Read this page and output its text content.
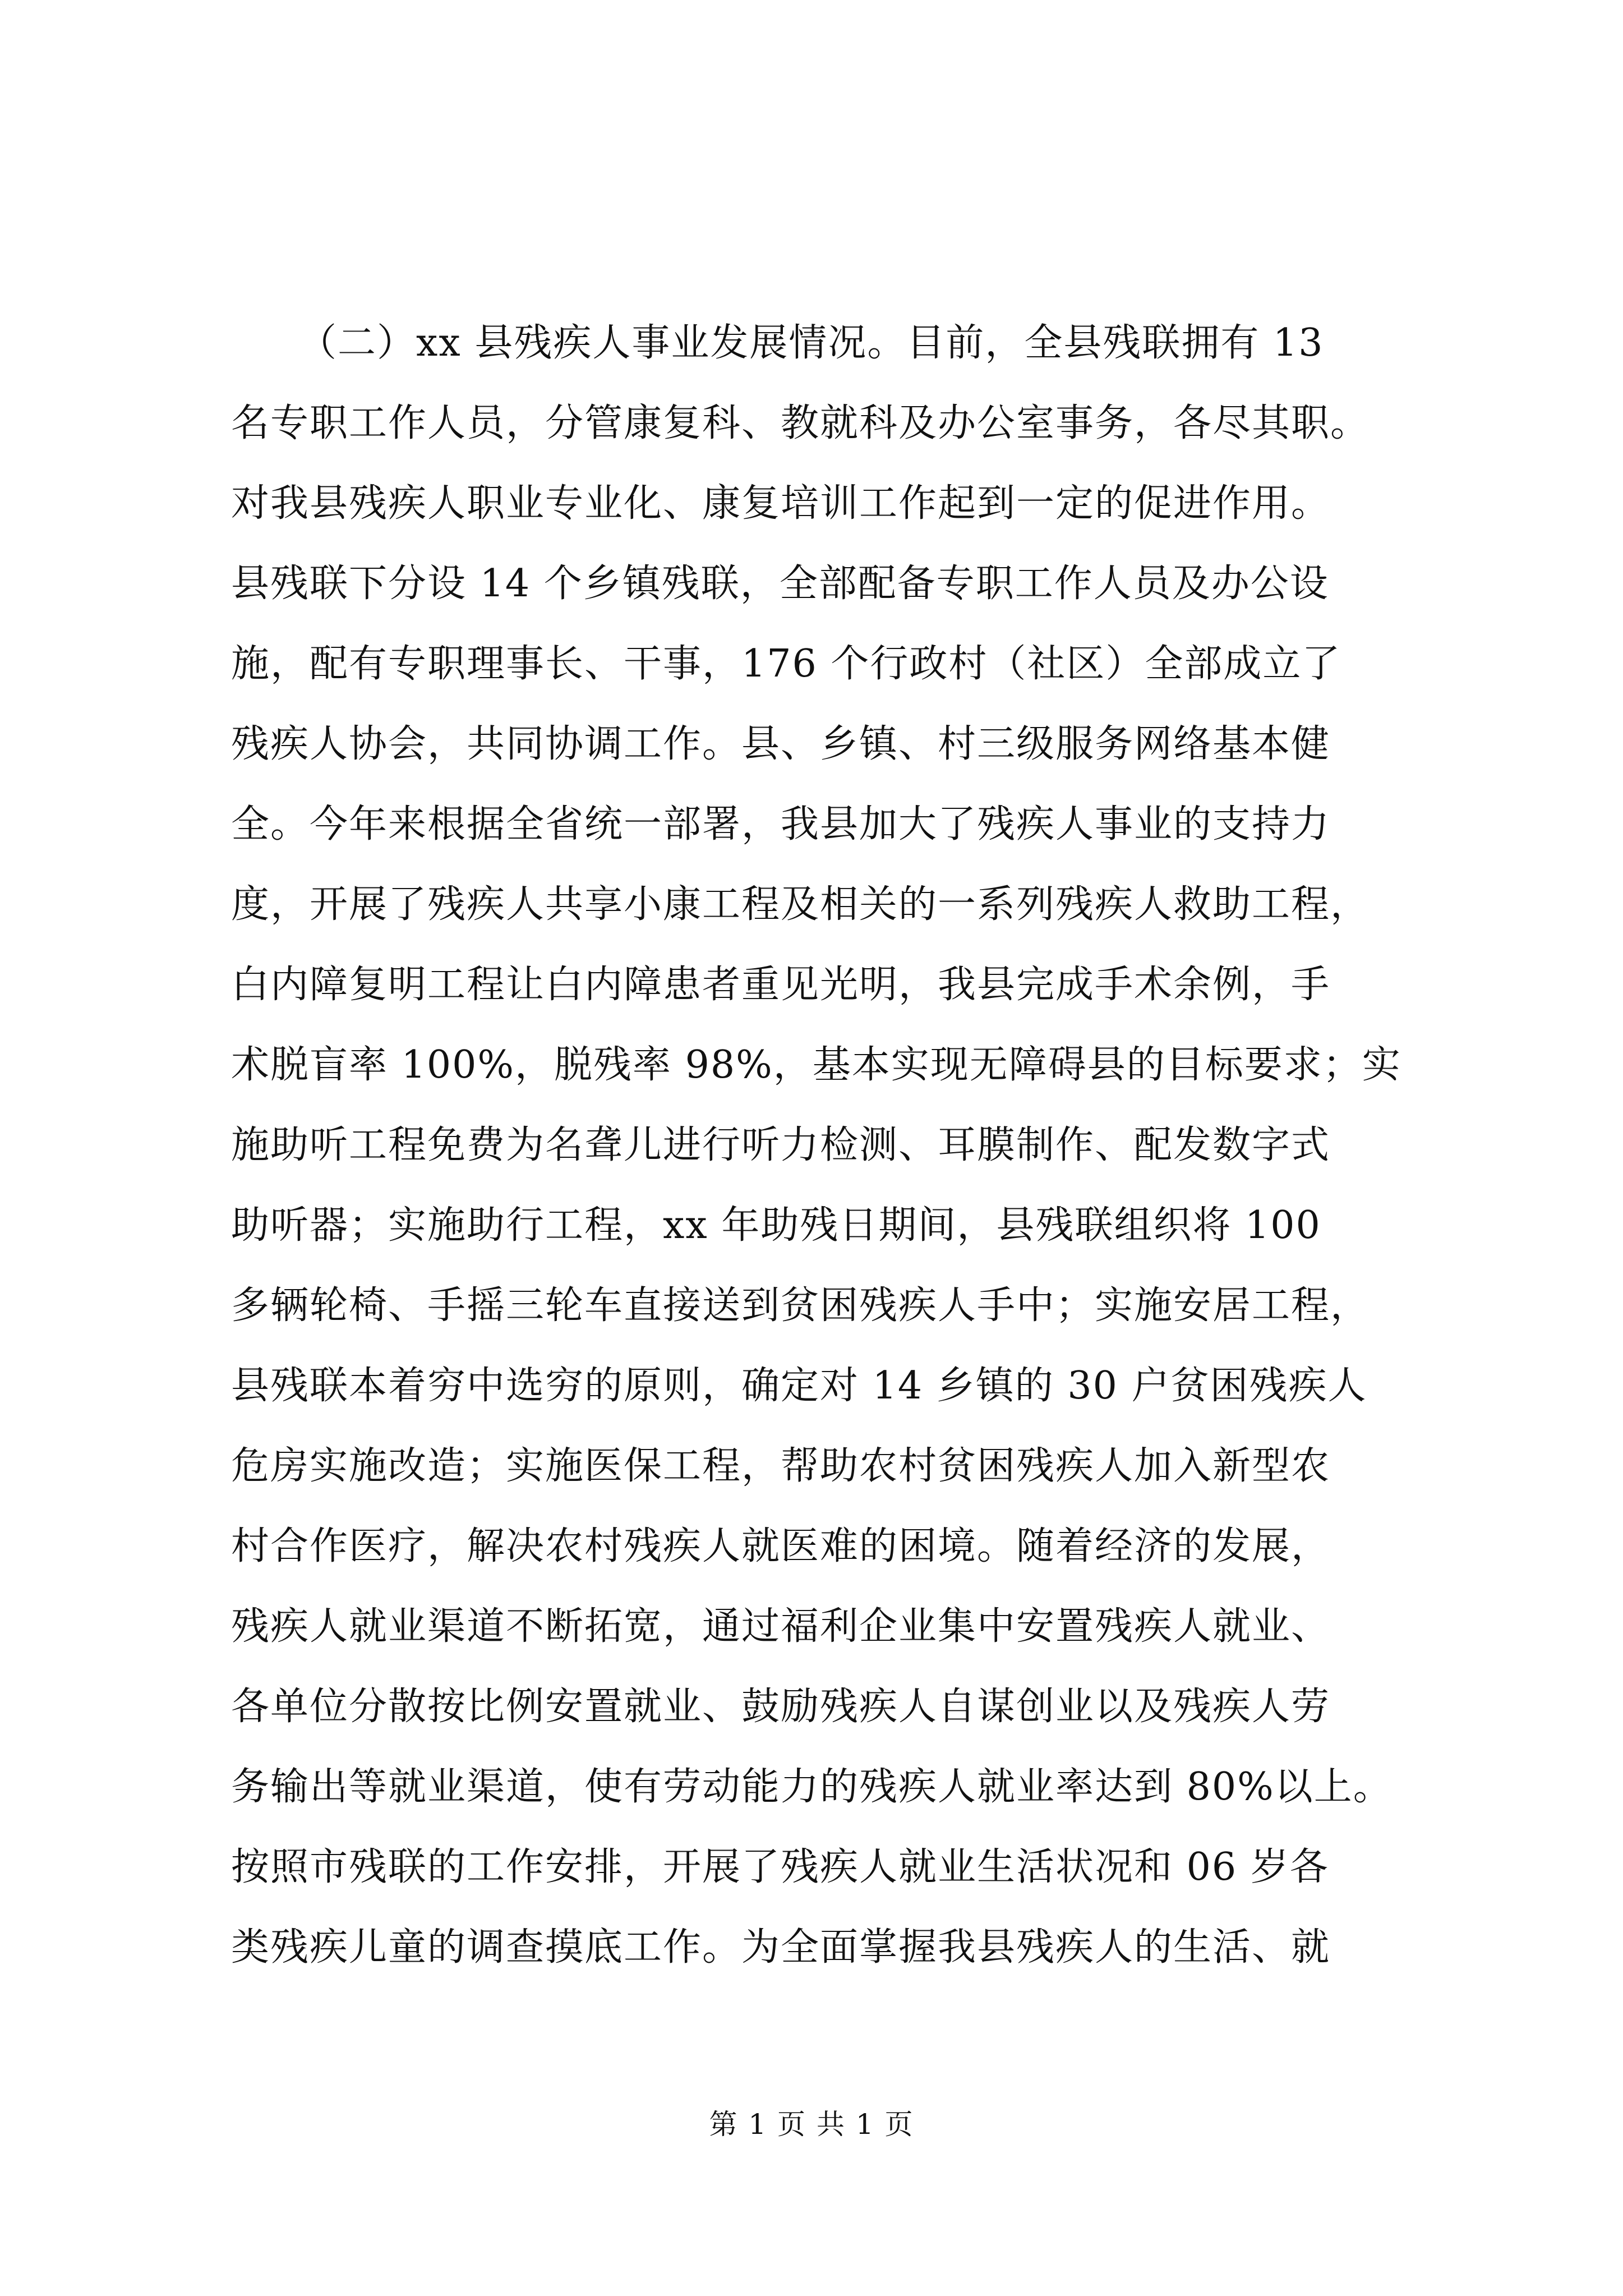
（二）xx 县残疾人事业发展情况。目前，全县残联拥有 13
名专职工作人员，分管康复科、教就科及办公室事务，各尽其职。
对我县残疾人职业专业化、康复培训工作起到一定的促进作用。
县残联下分设 14 个乡镇残联，全部配备专职工作人员及办公设
施，配有专职理事长、干事，176 个行政村（社区）全部成立了
残疾人协会，共同协调工作。县、乡镇、村三级服务网络基本健
全。今年来根据全省统一部署，我县加大了残疾人事业的支持力
度，开展了残疾人共享小康工程及相关的一系列残疾人救助工程，
白内障复明工程让白内障患者重见光明，我县完成手术余例，手
术脱盲率 100%，脱残率 98%，基本实现无障碍县的目标要求；实
施助听工程免费为名聋儿进行听力检测、耳膜制作、配发数字式
助听器；实施助行工程，xx 年助残日期间，县残联组织将 100
多辆轮椅、手摇三轮车直接送到贫困残疾人手中；实施安居工程，
县残联本着穷中选穷的原则，确定对 14 乡镇的 30 户贫困残疾人
危房实施改造；实施医保工程，帮助农村贫困残疾人加入新型农
村合作医疗，解决农村残疾人就医难的困境。随着经济的发展，
残疾人就业渠道不断拓宽，通过福利企业集中安置残疾人就业、
各单位分散按比例安置就业、鼓励残疾人自谋创业以及残疾人劳
务输出等就业渠道，使有劳动能力的残疾人就业率达到 80%以上。
按照市残联的工作安排，开展了残疾人就业生活状况和 06 岁各
类残疾儿童的调查摸底工作。为全面掌握我县残疾人的生活、就
第 1 页 共 1 页
